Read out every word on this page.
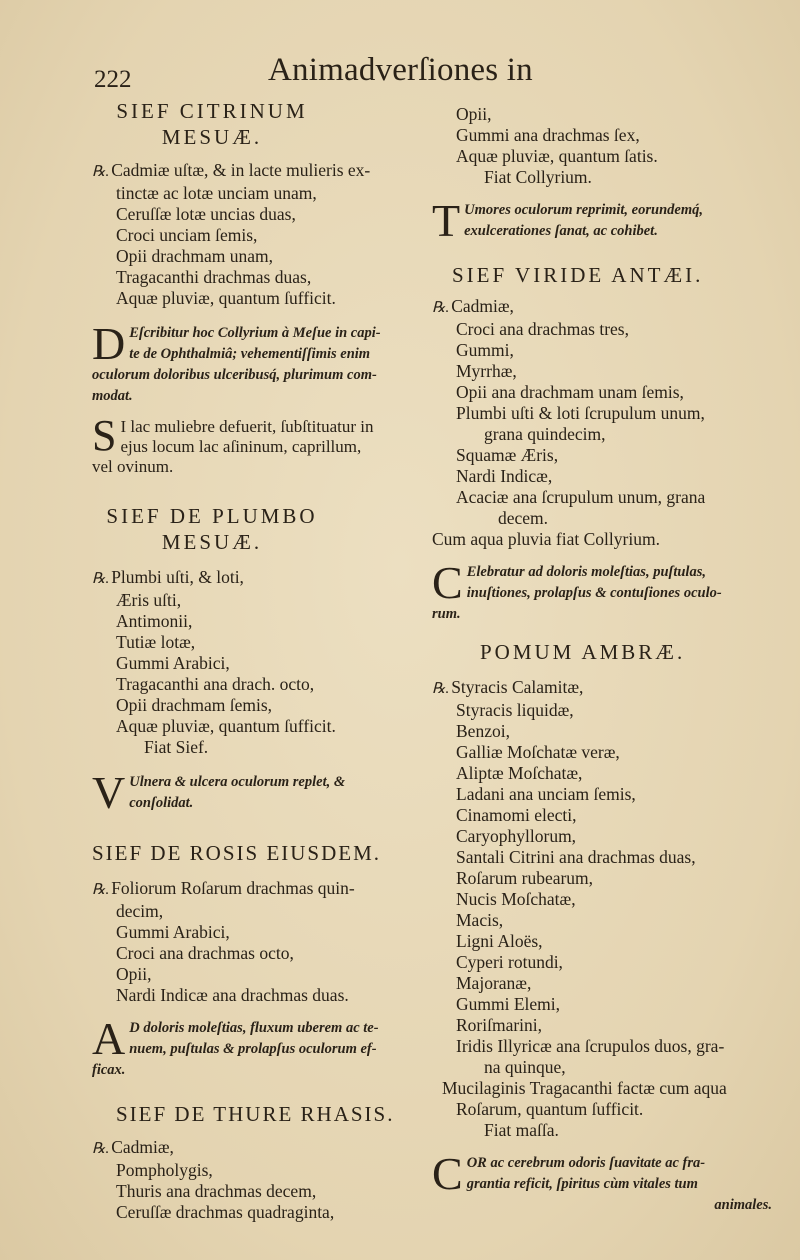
222	Animadverſiones in
SIEF CITRINUM
MESUÆ.
℞. Cadmiæ uſtæ, & in lacte mulieris ex-
tinctæ ac lotæ unciam unam,
Ceruſſæ lotæ uncias duas,
Croci unciam ſemis,
Opii drachmam unam,
Tragacanthi drachmas duas,
Aquæ pluviæ, quantum ſufficit.
D Eſcribitur hoc Collyrium à Meſue in capi-
te de Ophthalmiâ; vehementiſſimis enim
oculorum doloribus ulceribusq́, plurimum com-
modat.
S I lac muliebre defuerit, ſubſtituatur in
ejus locum lac aſininum, caprillum,
vel ovinum.
SIEF DE PLUMBO
MESUÆ.
℞. Plumbi uſti, & loti,
Æris uſti,
Antimonii,
Tutiæ lotæ,
Gummi Arabici,
Tragacanthi ana drach. octo,
Opii drachmam ſemis,
Aquæ pluviæ, quantum ſufficit.
Fiat Sief.
V Ulnera & ulcera oculorum replet, &
conſolidat.
SIEF DE ROSIS EIUSDEM.
℞. Foliorum Roſarum drachmas quin-
decim,
Gummi Arabici,
Croci ana drachmas octo,
Opii,
Nardi Indicæ ana drachmas duas.
A D doloris moleſtias, fluxum uberem ac te-
nuem, puſtulas & prolapſus oculorum ef-
ficax.
SIEF DE THURE RHASIS.
℞. Cadmiæ,
Pompholygis,
Thuris ana drachmas decem,
Ceruſſæ drachmas quadraginta,
Opii,
Gummi ana drachmas ſex,
Aquæ pluviæ, quantum ſatis.
Fiat Collyrium.
T Umores oculorum reprimit, eorundemq́,
exulcerationes ſanat, ac cohibet.
SIEF VIRIDE ANTÆI.
℞. Cadmiæ,
Croci ana drachmas tres,
Gummi,
Myrrhæ,
Opii ana drachmam unam ſemis,
Plumbi uſti & loti ſcrupulum unum,
grana quindecim,
Squamæ Æris,
Nardi Indicæ,
Acaciæ ana ſcrupulum unum, grana
decem.
Cum aqua pluvia fiat Collyrium.
C Elebratur ad doloris moleſtias, puſtulas,
inuſtiones, prolapſus & contuſiones oculo-
rum.
POMUM AMBRÆ.
℞. Styracis Calamitæ,
Styracis liquidæ,
Benzoi,
Galliæ Moſchatæ veræ,
Aliptæ Moſchatæ,
Ladani ana unciam ſemis,
Cinamomi electi,
Caryophyllorum,
Santali Citrini ana drachmas duas,
Roſarum rubearum,
Nucis Moſchatæ,
Macis,
Ligni Aloës,
Cyperi rotundi,
Majoranæ,
Gummi Elemi,
Roriſmarini,
Iridis Illyricæ ana ſcrupulos duos, gra-
na quinque,
Mucilaginis Tragacanthi factæ cum aqua
Roſarum, quantum ſufficit.
Fiat maſſa.
C OR ac cerebrum odoris ſuavitate ac fra-
grantia reficit, ſpiritus cùm vitales tum
animales.
